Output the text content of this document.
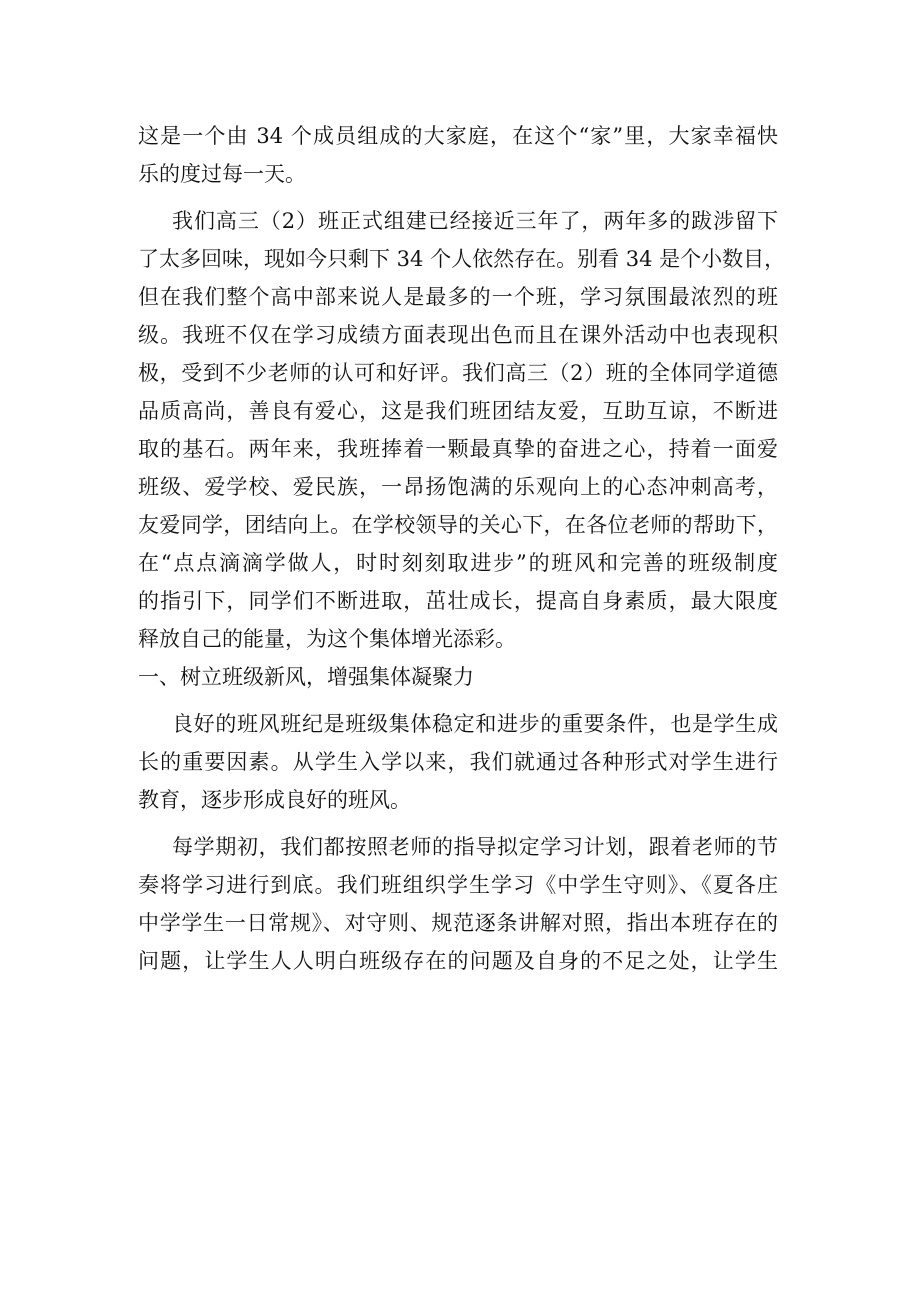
这是一个由 34 个成员组成的大家庭，在这个“家”里，大家幸福快
乐的度过每一天。
我们高三（2）班正式组建已经接近三年了，两年多的跋涉留下
了太多回味，现如今只剩下 34 个人依然存在。别看 34 是个小数目，
但在我们整个高中部来说人是最多的一个班，学习氛围最浓烈的班
级。我班不仅在学习成绩方面表现出色而且在课外活动中也表现积
极，受到不少老师的认可和好评。我们高三（2）班的全体同学道德
品质高尚，善良有爱心，这是我们班团结友爱，互助互谅，不断进
取的基石。两年来，我班捧着一颗最真挚的奋进之心，持着一面爱
班级、爱学校、爱民族，一昂扬饱满的乐观向上的心态冲刺高考，
友爱同学，团结向上。在学校领导的关心下，在各位老师的帮助下，
在“点点滴滴学做人，时时刻刻取进步”的班风和完善的班级制度
的指引下，同学们不断进取，茁壮成长，提高自身素质，最大限度
释放自己的能量，为这个集体增光添彩。
一、树立班级新风，增强集体凝聚力
良好的班风班纪是班级集体稳定和进步的重要条件，也是学生成
长的重要因素。从学生入学以来，我们就通过各种形式对学生进行
教育，逐步形成良好的班风。
每学期初，我们都按照老师的指导拟定学习计划，跟着老师的节
奏将学习进行到底。我们班组织学生学习《中学生守则》、《夏各庄
中学学生一日常规》、对守则、规范逐条讲解对照，指出本班存在的
问题，让学生人人明白班级存在的问题及自身的不足之处，让学生
